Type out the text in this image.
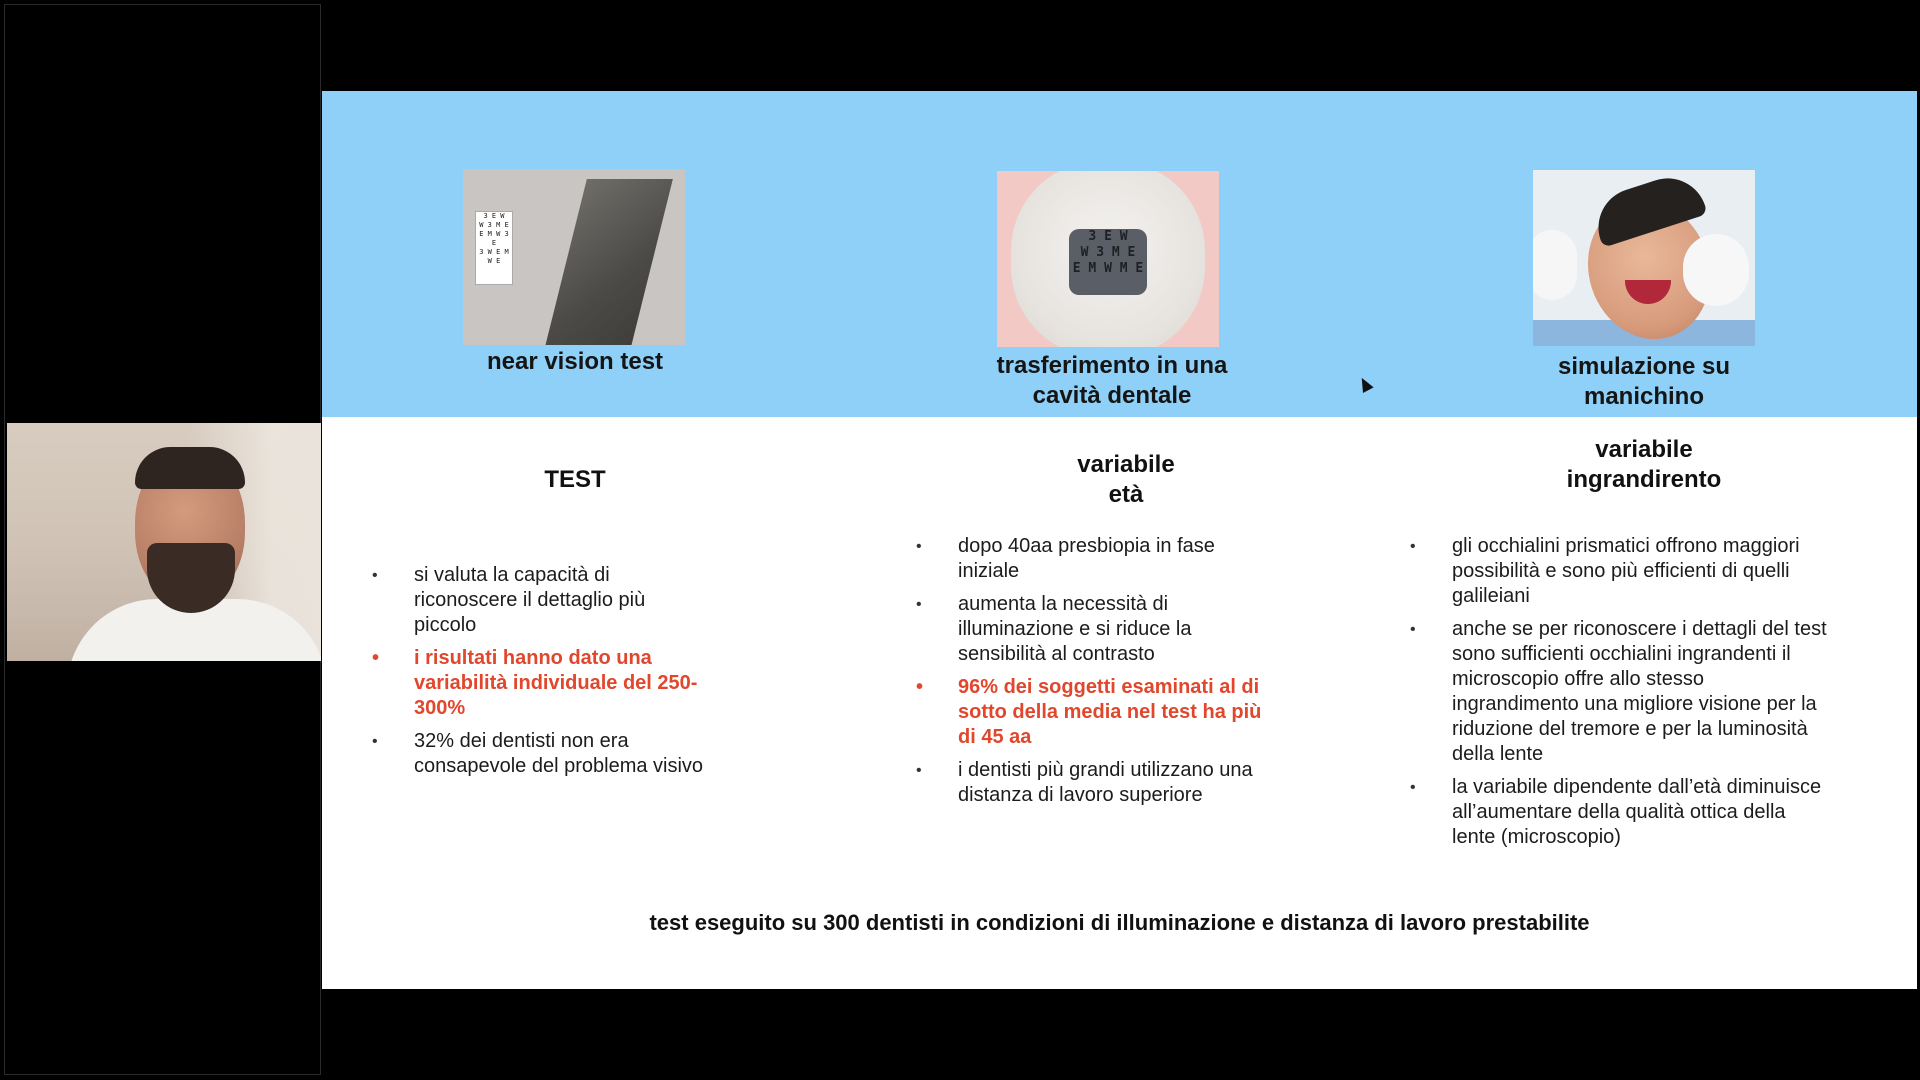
3 E W
W 3 M E
E M W 3 E
3 W E M W E
near vision test
TEST
• si valuta la capacità di riconoscere il dettaglio più piccolo
• i risultati hanno dato una variabilità individuale del 250-300%
• 32% dei dentisti non era consapevole del problema visivo
3 E W
W 3 M E
E M W M E
trasferimento in una
cavità dentale
variabile
età
• dopo 40aa presbiopia in fase iniziale
• aumenta la necessità di illuminazione e si riduce la sensibilità al contrasto
• 96% dei soggetti esaminati al di sotto della media nel test ha più di 45 aa
• i dentisti più grandi utilizzano una distanza di lavoro superiore
simulazione su
manichino
variabile
ingrandirento
• gli occhialini prismatici offrono maggiori possibilità e sono più efficienti di quelli galileiani
• anche se per riconoscere i dettagli del test sono sufficienti occhialini ingrandenti il microscopio offre allo stesso ingrandimento una migliore visione per la riduzione del tremore e per la luminosità della lente
• la variabile dipendente dall’età diminuisce all’aumentare della qualità ottica della lente (microscopio)
test eseguito su 300 dentisti in condizioni di illuminazione e distanza di lavoro prestabilite
